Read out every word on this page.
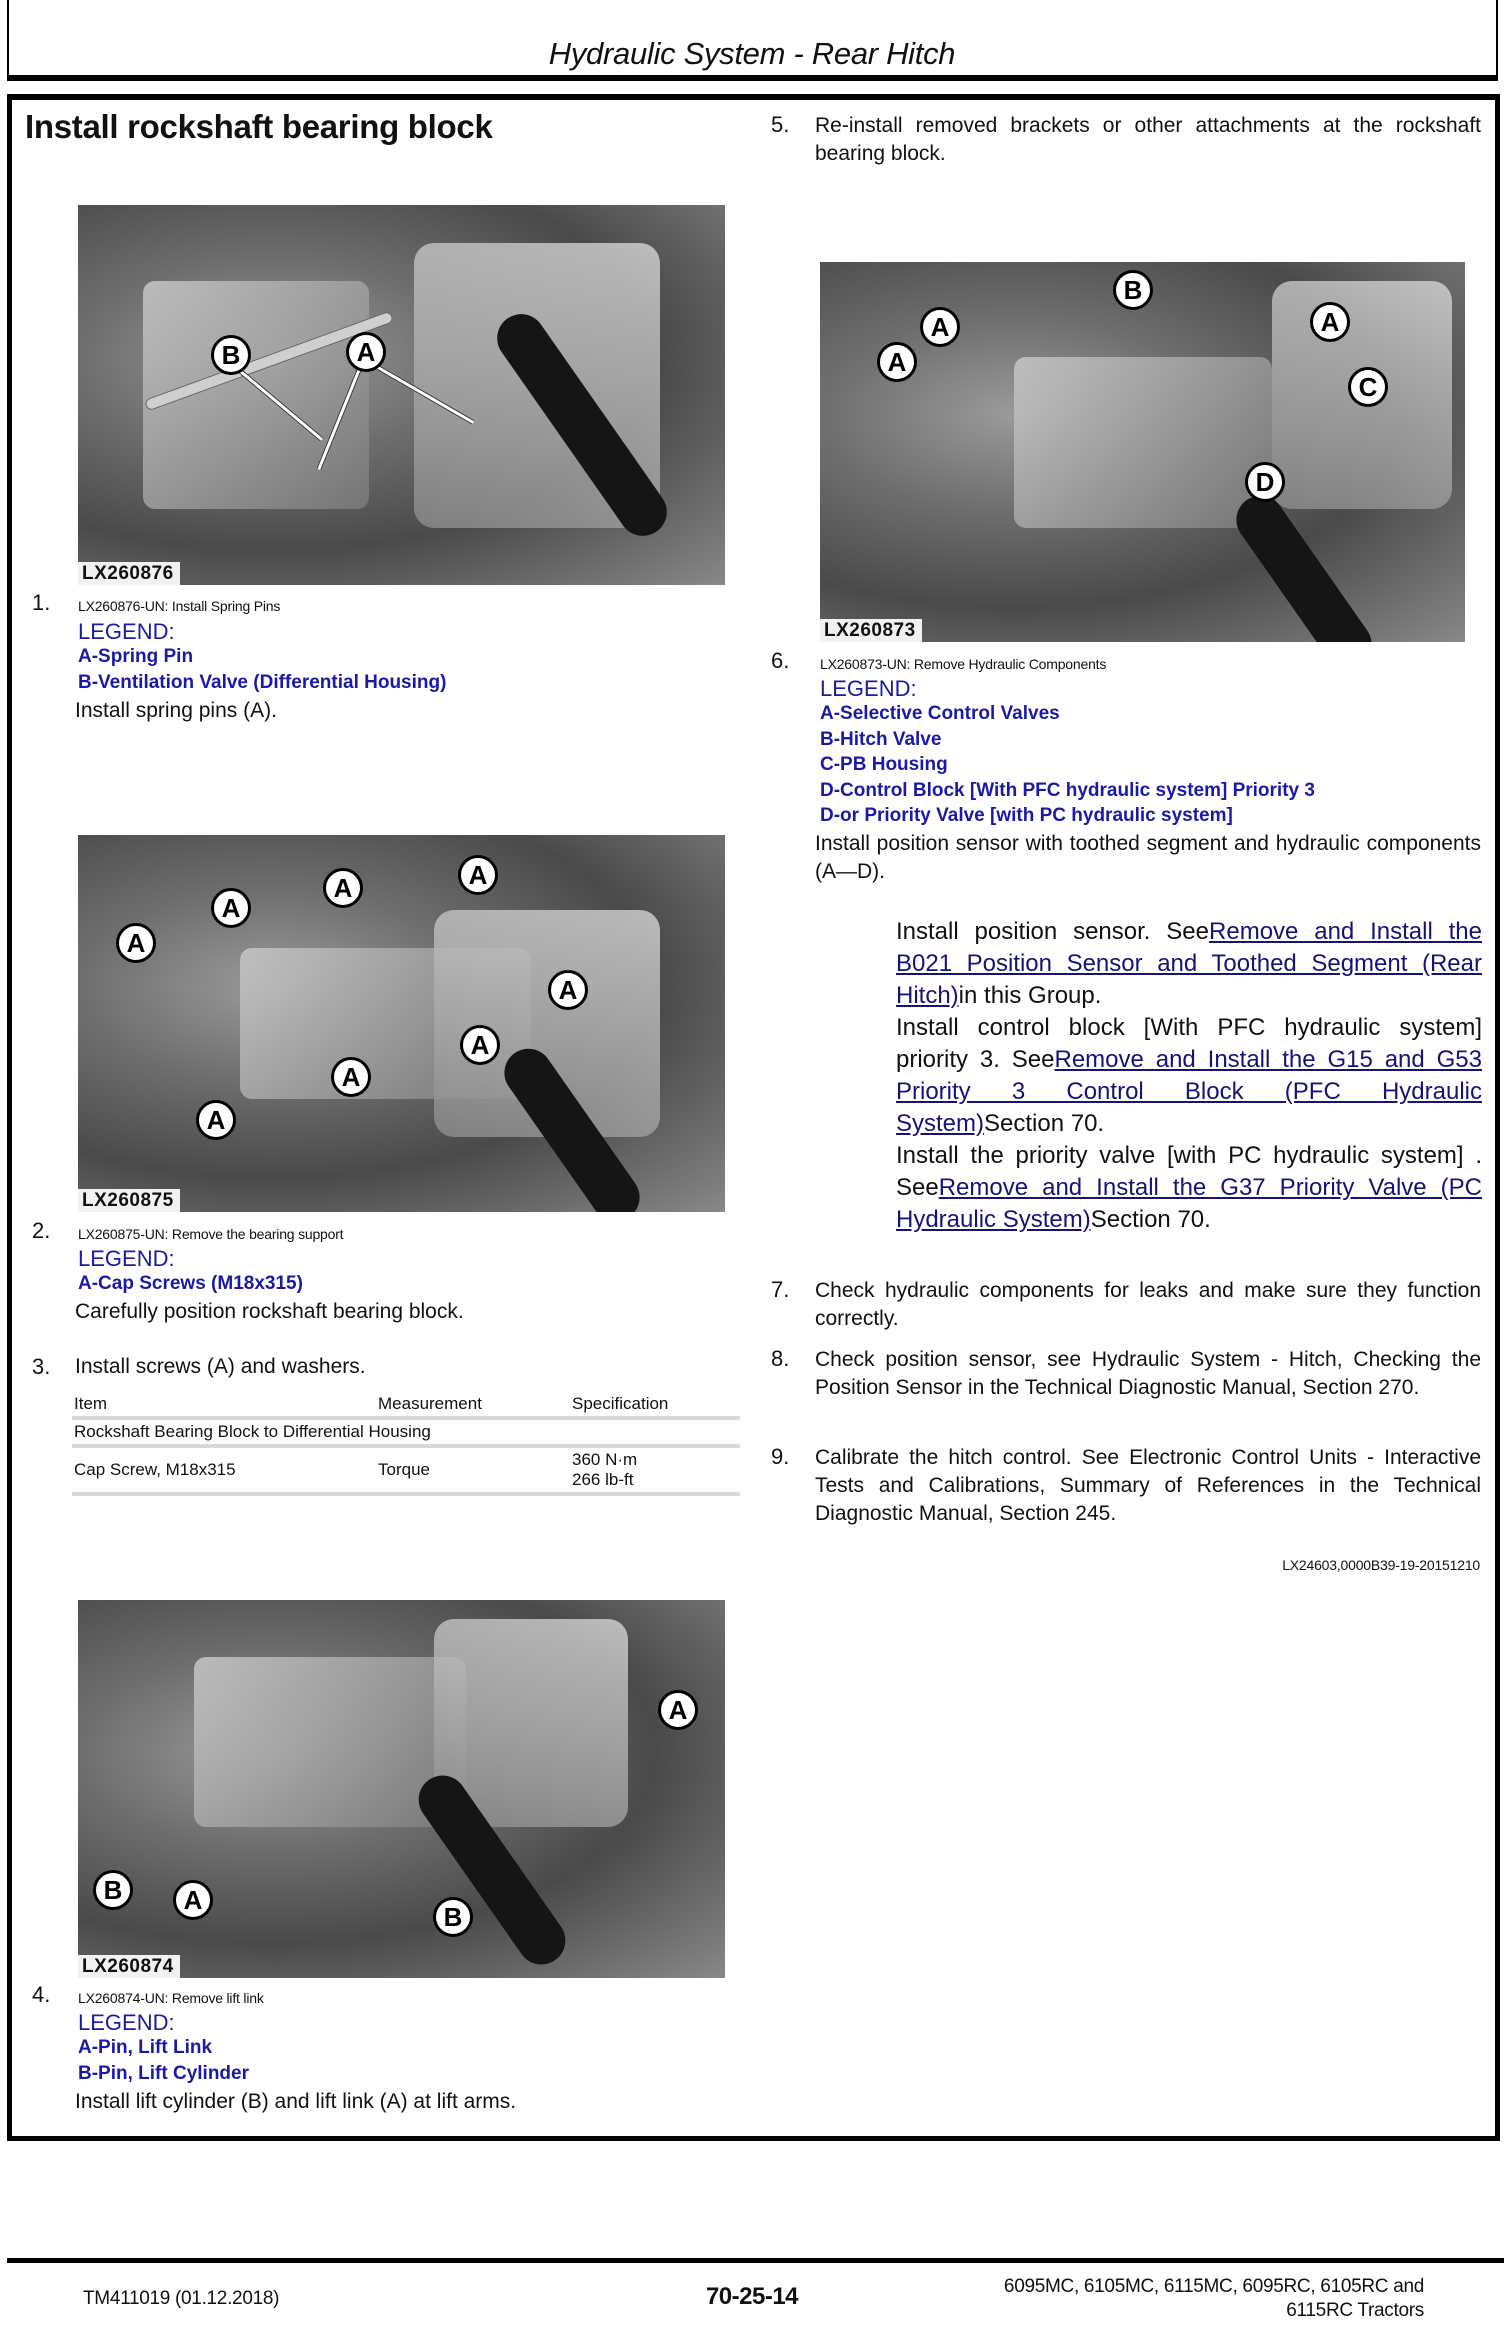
Hydraulic System - Rear Hitch
Install rockshaft bearing block
B	A
LX260876
1. LX260876-UN: Install Spring Pins
LEGEND:
A-Spring Pin
B-Ventilation Valve (Differential Housing)
Install spring pins (A).
A
A
A	A
A
A
A
A
LX260875
2. LX260875-UN: Remove the bearing support
LEGEND:
A-Cap Screws (M18x315)
Carefully position rockshaft bearing block.
3. Install screws (A) and washers.
Item	Measurement	Specification
Rockshaft Bearing Block to Differential Housing		
Cap Screw, M18x315	Torque	360 N·m
266 lb-ft
A
B	A
B
LX260874
4. LX260874-UN: Remove lift link
LEGEND:
A-Pin, Lift Link
B-Pin, Lift Cylinder
Install lift cylinder (B) and lift link (A) at lift arms.
5. Re-install removed brackets or other attachments at the rockshaft bearing block.
A
A
B
A
C
D
LX260873
6. LX260873-UN: Remove Hydraulic Components
LEGEND:
A-Selective Control Valves
B-Hitch Valve
C-PB Housing
D-Control Block [With PFC hydraulic system] Priority 3
D-or Priority Valve [with PC hydraulic system]
Install position sensor with toothed segment and hydraulic components (A—D).
Install position sensor. SeeRemove and Install the B021 Position Sensor and Toothed Segment (Rear Hitch)in this Group.
Install control block [With PFC hydraulic system] priority 3. SeeRemove and Install the G15 and G53 Priority 3 Control Block (PFC Hydraulic System)Section 70.
Install the priority valve [with PC hydraulic system] . SeeRemove and Install the G37 Priority Valve (PC Hydraulic System)Section 70.
7. Check hydraulic components for leaks and make sure they function correctly.
8. Check position sensor, see Hydraulic System - Hitch, Checking the Position Sensor in the Technical Diagnostic Manual, Section 270.
9. Calibrate the hitch control. See Electronic Control Units - Interactive Tests and Calibrations, Summary of References in the Technical Diagnostic Manual, Section 245.
LX24603,0000B39-19-20151210
TM411019 (01.12.2018)	70-25-14	6095MC, 6105MC, 6115MC, 6095RC, 6105RC and
6115RC Tractors
